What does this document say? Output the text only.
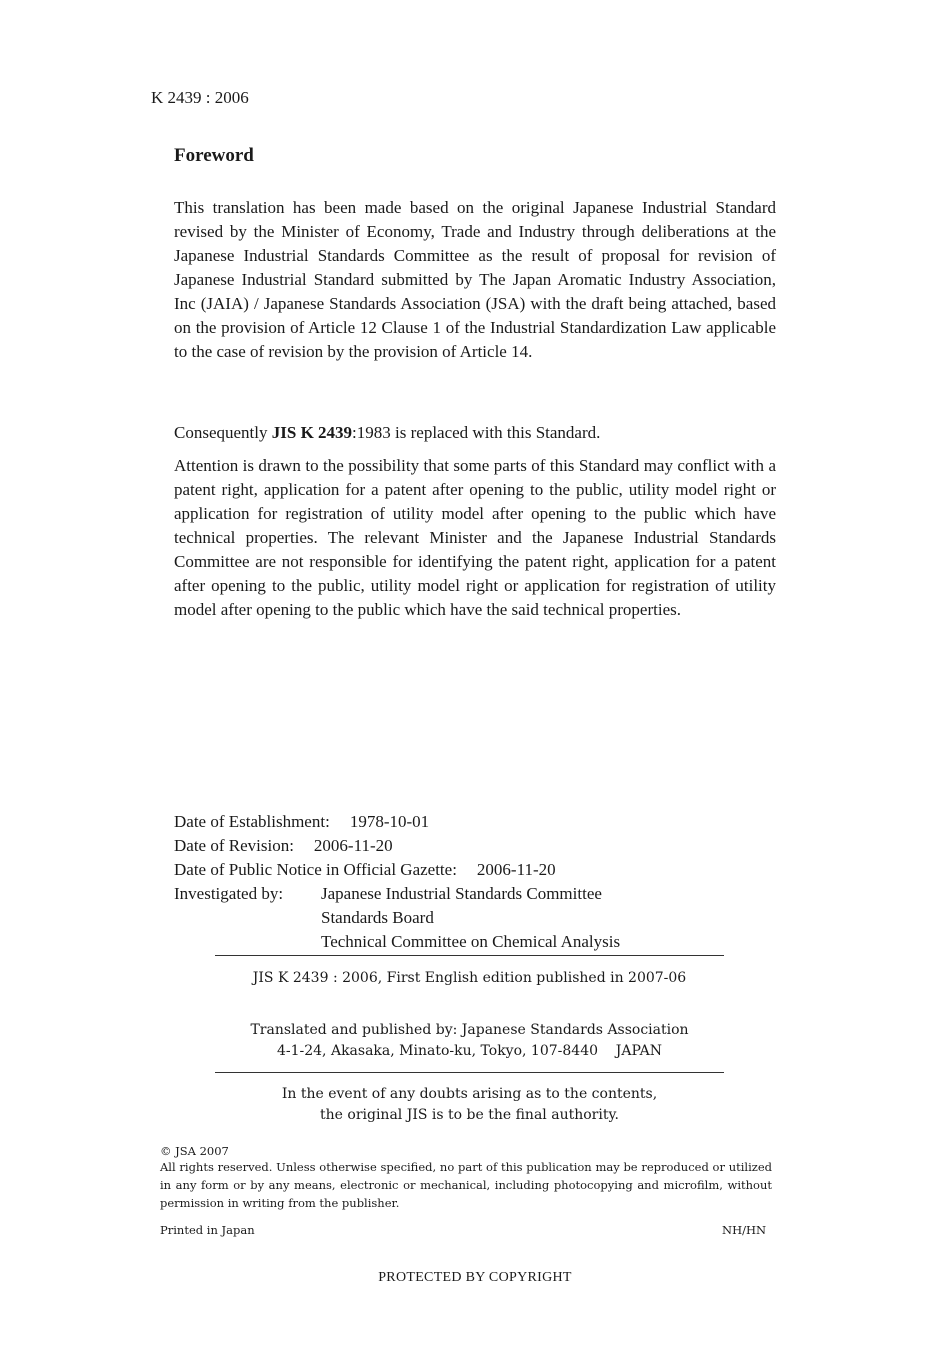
K 2439 : 2006
Foreword

This translation has been made based on the original Japanese Industrial Standard revised by the Minister of Economy, Trade and Industry through deliberations at the Japanese Industrial Standards Committee as the result of proposal for revision of Japanese Industrial Standard submitted by The Japan Aromatic Industry Association, Inc (JAIA) / Japanese Standards Association (JSA) with the draft being attached, based on the provision of Article 12 Clause 1 of the Industrial Standardization Law applicable to the case of revision by the provision of Article 14.

Consequently JIS K 2439:1983 is replaced with this Standard.

Attention is drawn to the possibility that some parts of this Standard may conflict with a patent right, application for a patent after opening to the public, utility model right or application for registration of utility model after opening to the public which have technical properties. The relevant Minister and the Japanese Industrial Standards Committee are not responsible for identifying the patent right, application for a patent after opening to the public, utility model right or application for registration of utility model after opening to the public which have the said technical properties.

Date of Establishment: 1978-10-01
Date of Revision: 2006-11-20
Date of Public Notice in Official Gazette: 2006-11-20
Investigated by: Japanese Industrial Standards Committee
Standards Board
Technical Committee on Chemical Analysis
JIS K 2439 : 2006, First English edition published in 2007-06
Translated and published by: Japanese Standards Association
4-1-24, Akasaka, Minato-ku, Tokyo, 107-8440    JAPAN
In the event of any doubts arising as to the contents,
the original JIS is to be the final authority.

© JSA 2007

All rights reserved. Unless otherwise specified, no part of this publication may be reproduced or utilized in any form or by any means, electronic or mechanical, including photocopying and microfilm, without permission in writing from the publisher.

Printed in Japan	NH/HN

PROTECTED BY COPYRIGHT
